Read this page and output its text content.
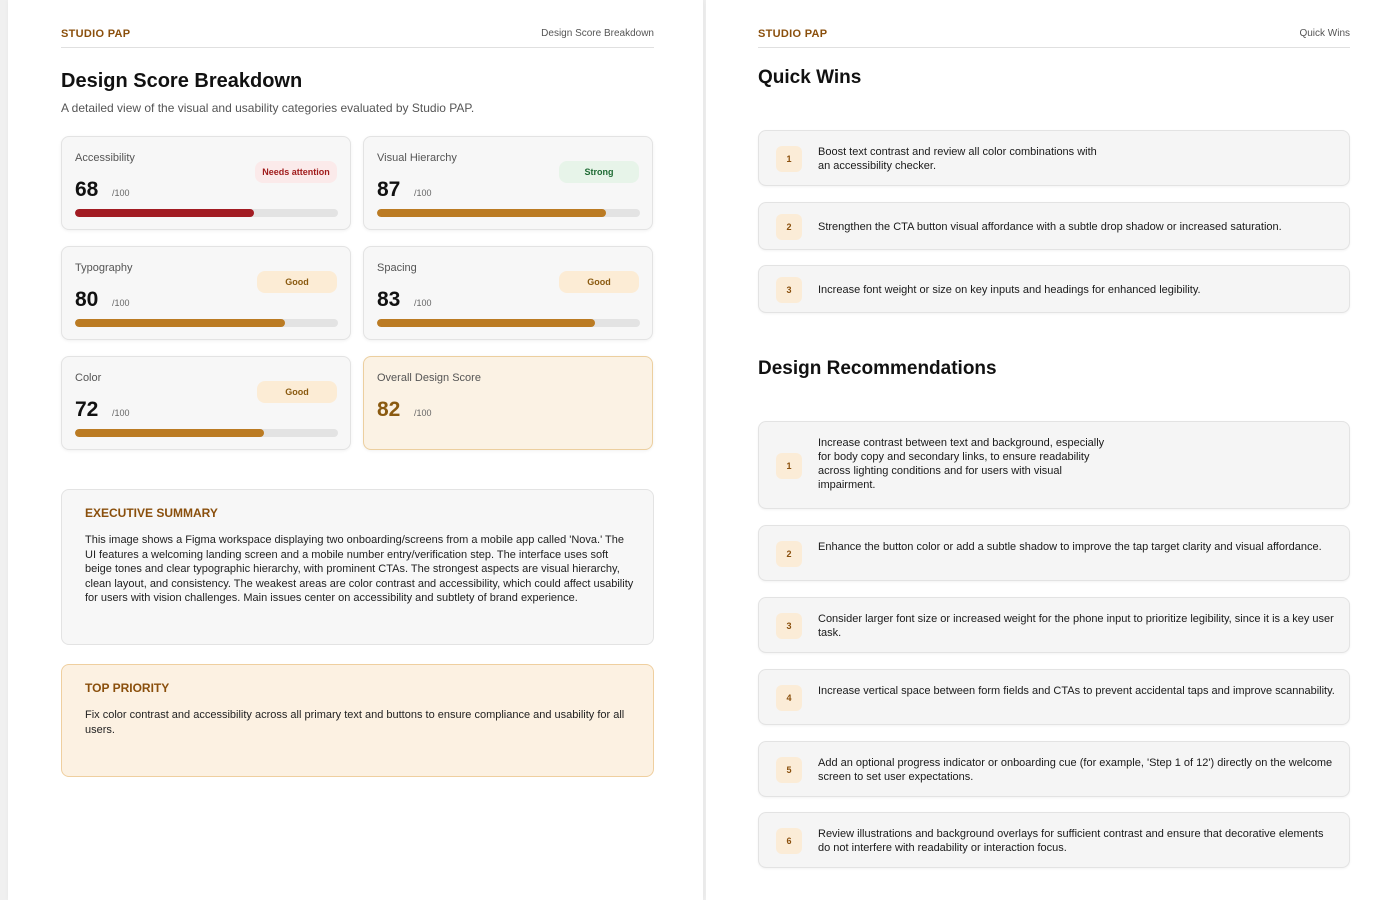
STUDIO PAP	Design Score Breakdown
Design Score Breakdown
A detailed view of the visual and usability categories evaluated by Studio PAP.
Accessibility
Needs attention
68 /100
Visual Hierarchy
Strong
87 /100
Typography
Good
80 /100
Spacing
Good
83 /100
Color
Good
72 /100
Overall Design Score
82 /100
EXECUTIVE SUMMARY

This image shows a Figma workspace displaying two onboarding/screens from a mobile app called 'Nova.' The UI features a welcoming landing screen and a mobile number entry/verification step. The interface uses soft beige tones and clear typographic hierarchy, with prominent CTAs. The strongest aspects are visual hierarchy, clean layout, and consistency. The weakest areas are color contrast and accessibility, which could affect usability for users with vision challenges. Main issues center on accessibility and subtlety of brand experience.

TOP PRIORITY

Fix color contrast and accessibility across all primary text and buttons to ensure compliance and usability for all users.

STUDIO PAP	Quick Wins
Quick Wins
1

Boost text contrast and review all color combinations with an accessibility checker.

2	Strengthen the CTA button visual affordance with a subtle drop shadow or increased saturation.

3	Increase font weight or size on key inputs and headings for enhanced legibility.

Design Recommendations
1

Increase contrast between text and background, especially for body copy and secondary links, to ensure readability across lighting conditions and for users with visual impairment.

2

Enhance the button color or add a subtle shadow to improve the tap target clarity and visual affordance.

3

Consider larger font size or increased weight for the phone input to prioritize legibility, since it is a key user task.

4

Increase vertical space between form fields and CTAs to prevent accidental taps and improve scannability.

5

Add an optional progress indicator or onboarding cue (for example, 'Step 1 of 12') directly on the welcome screen to set user expectations.

6

Review illustrations and background overlays for sufficient contrast and ensure that decorative elements do not interfere with readability or interaction focus.
